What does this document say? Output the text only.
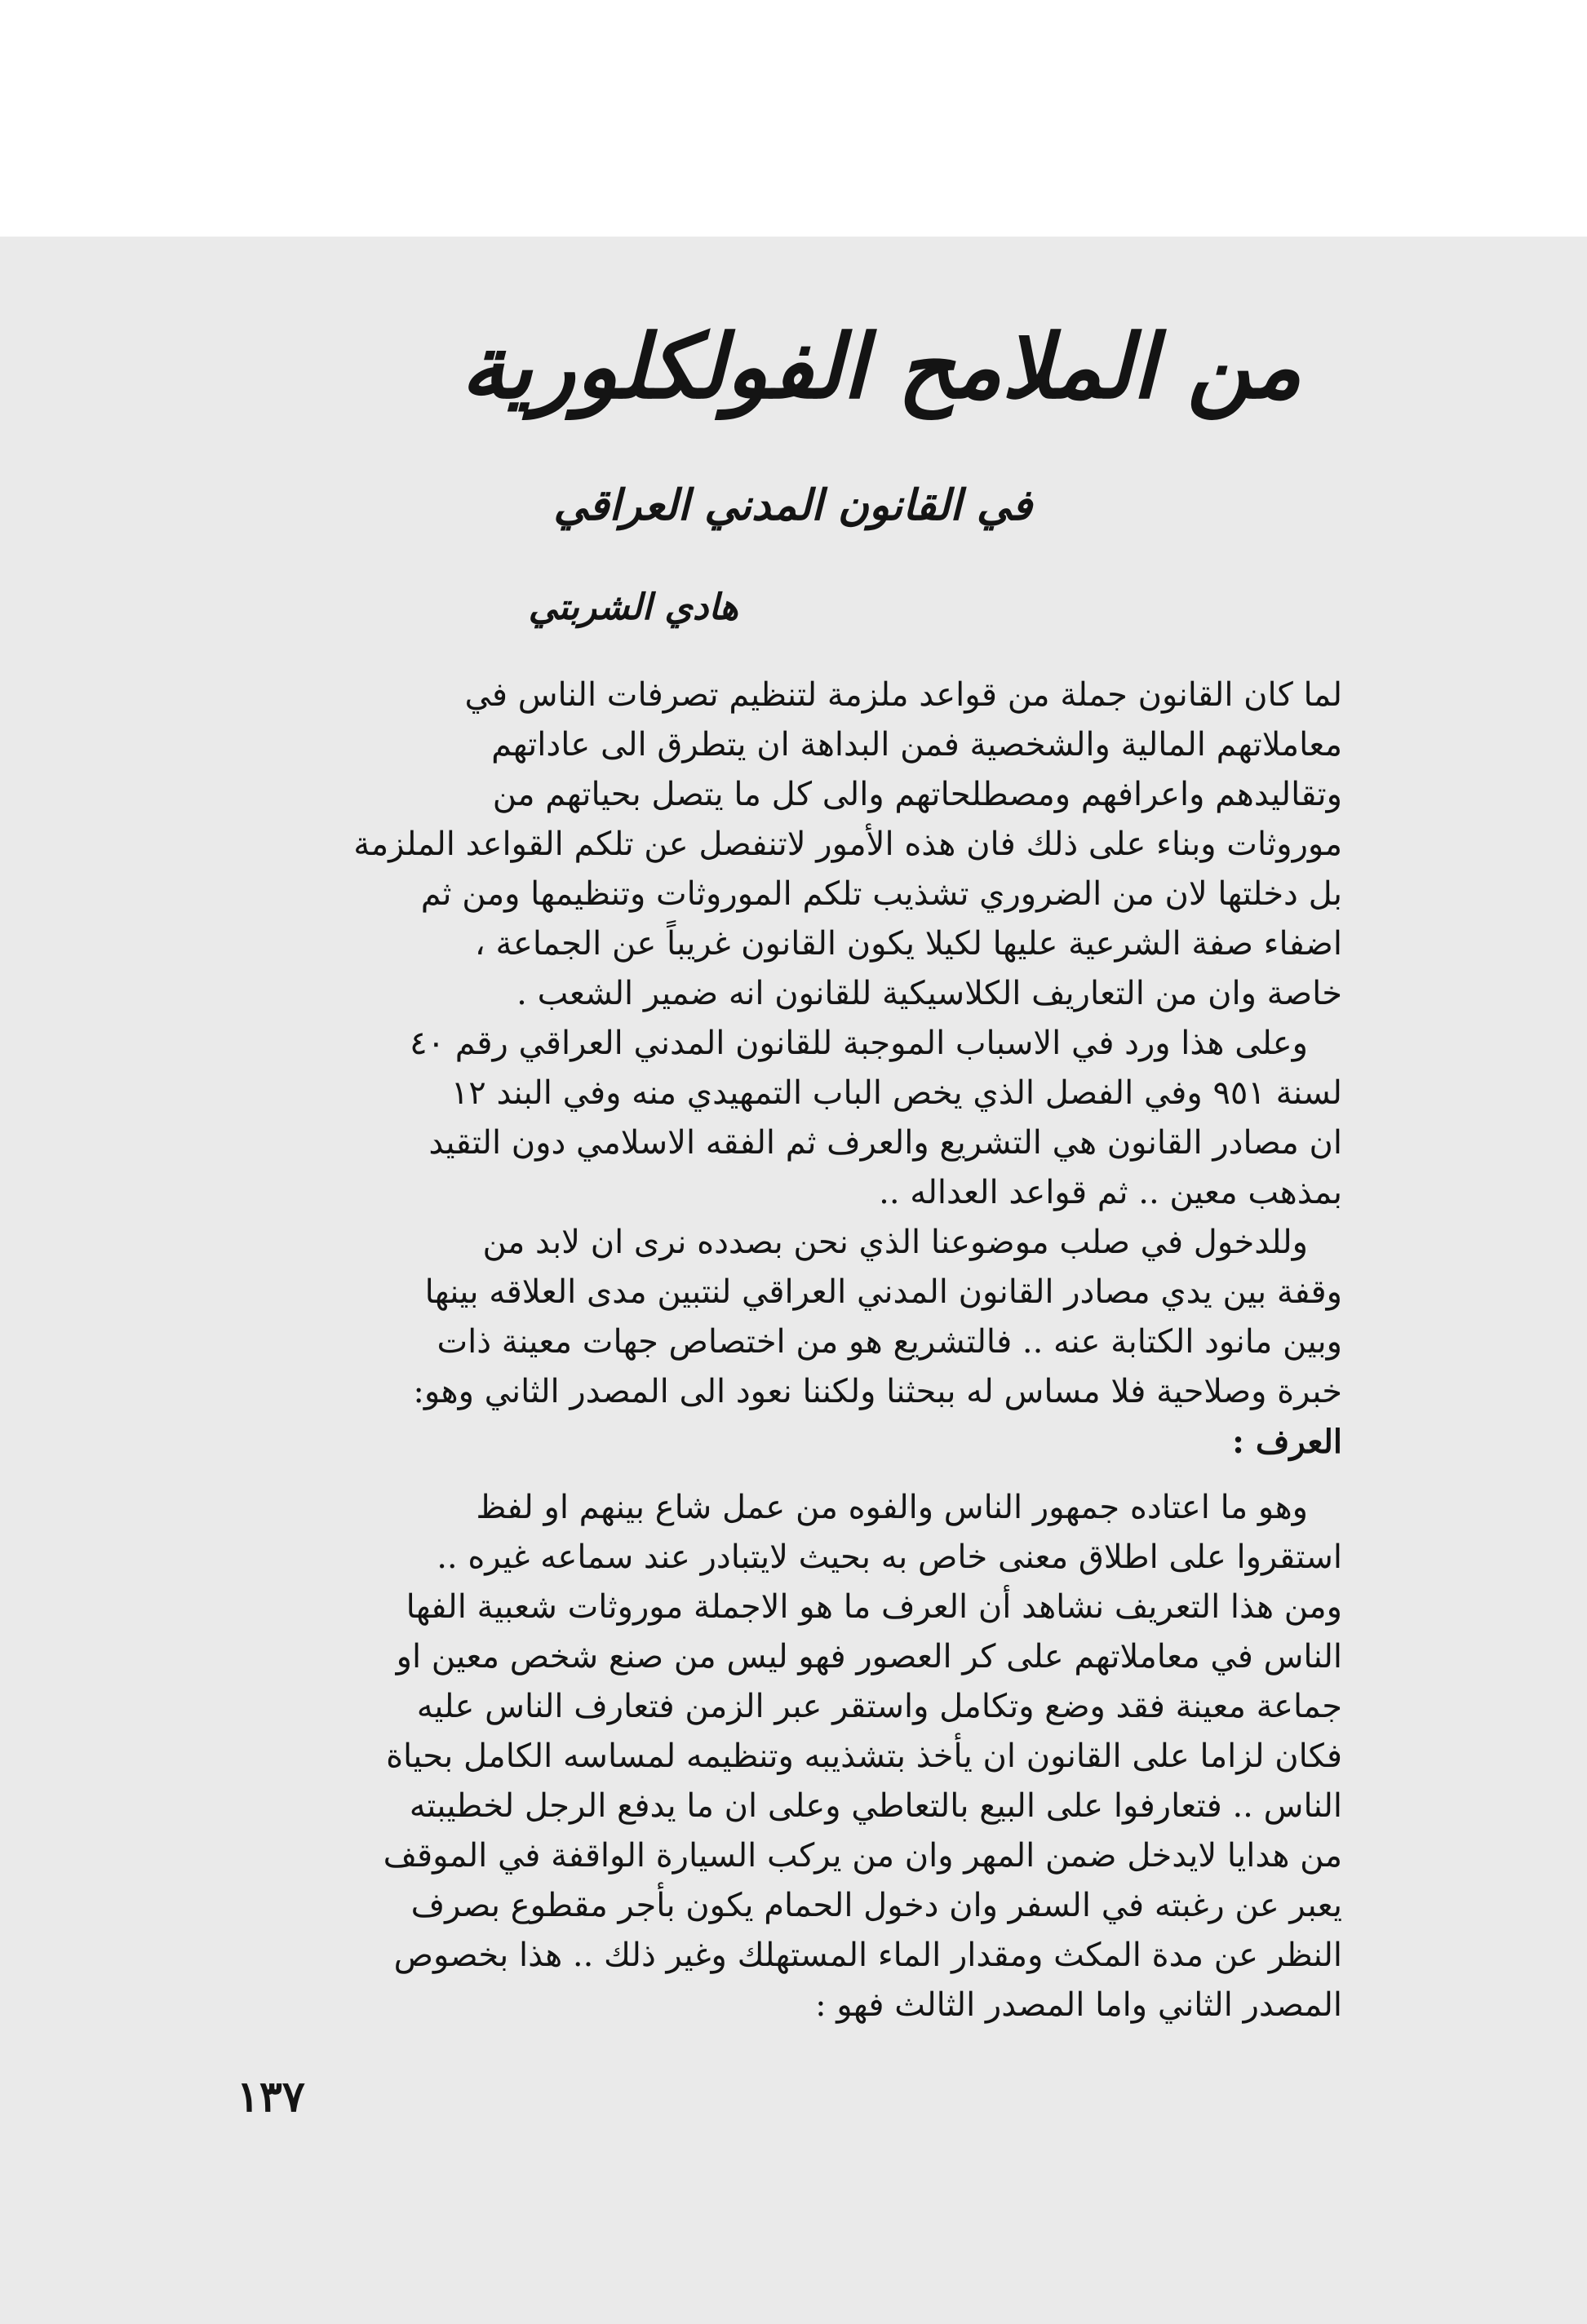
من الملامح الفولكلورية
في القانون المدني العراقي
هادي الشربتي
لما كان القانون جملة من قواعد ملزمة لتنظيم تصرفات الناس في
معاملاتهم المالية والشخصية فمن البداهة ان يتطرق الى عاداتهم
وتقاليدهم واعرافهم ومصطلحاتهم والى كل ما يتصل بحياتهم من
موروثات وبناء على ذلك فان هذه الأمور لاتنفصل عن تلكم القواعد الملزمة
بل دخلتها لان من الضروري تشذيب تلكم الموروثات وتنظيمها ومن ثم
اضفاء صفة الشرعية عليها لكيلا يكون القانون غريباً عن الجماعة ،
خاصة وان من التعاريف الكلاسيكية للقانون انه ضمير الشعب .
وعلى هذا ورد في الاسباب الموجبة للقانون المدني العراقي رقم ٤٠
لسنة ٩٥١ وفي الفصل الذي يخص الباب التمهيدي منه وفي البند ١٢
ان مصادر القانون هي التشريع والعرف ثم الفقه الاسلامي دون التقيد
بمذهب معين .. ثم قواعد العداله ..
وللدخول في صلب موضوعنا الذي نحن بصدده نرى ان لابد من
وقفة بين يدي مصادر القانون المدني العراقي لنتبين مدى العلاقه بينها
وبين مانود الكتابة عنه .. فالتشريع هو من اختصاص جهات معينة ذات
خبرة وصلاحية فلا مساس له ببحثنا ولكننا نعود الى المصدر الثاني وهو:
العرف :
وهو ما اعتاده جمهور الناس والفوه من عمل شاع بينهم او لفظ
استقروا على اطلاق معنى خاص به بحيث لايتبادر عند سماعه غيره ..
ومن هذا التعريف نشاهد أن العرف ما هو الاجملة موروثات شعبية الفها
الناس في معاملاتهم على كر العصور فهو ليس من صنع شخص معين او
جماعة معينة فقد وضع وتكامل واستقر عبر الزمن فتعارف الناس عليه
فكان لزاما على القانون ان يأخذ بتشذيبه وتنظيمه لمساسه الكامل بحياة
الناس .. فتعارفوا على البيع بالتعاطي وعلى ان ما يدفع الرجل لخطيبته
من هدايا لايدخل ضمن المهر وان من يركب السيارة الواقفة في الموقف
يعبر عن رغبته في السفر وان دخول الحمام يكون بأجر مقطوع بصرف
النظر عن مدة المكث ومقدار الماء المستهلك وغير ذلك .. هذا بخصوص
المصدر الثاني واما المصدر الثالث فهو :
١٣٧
